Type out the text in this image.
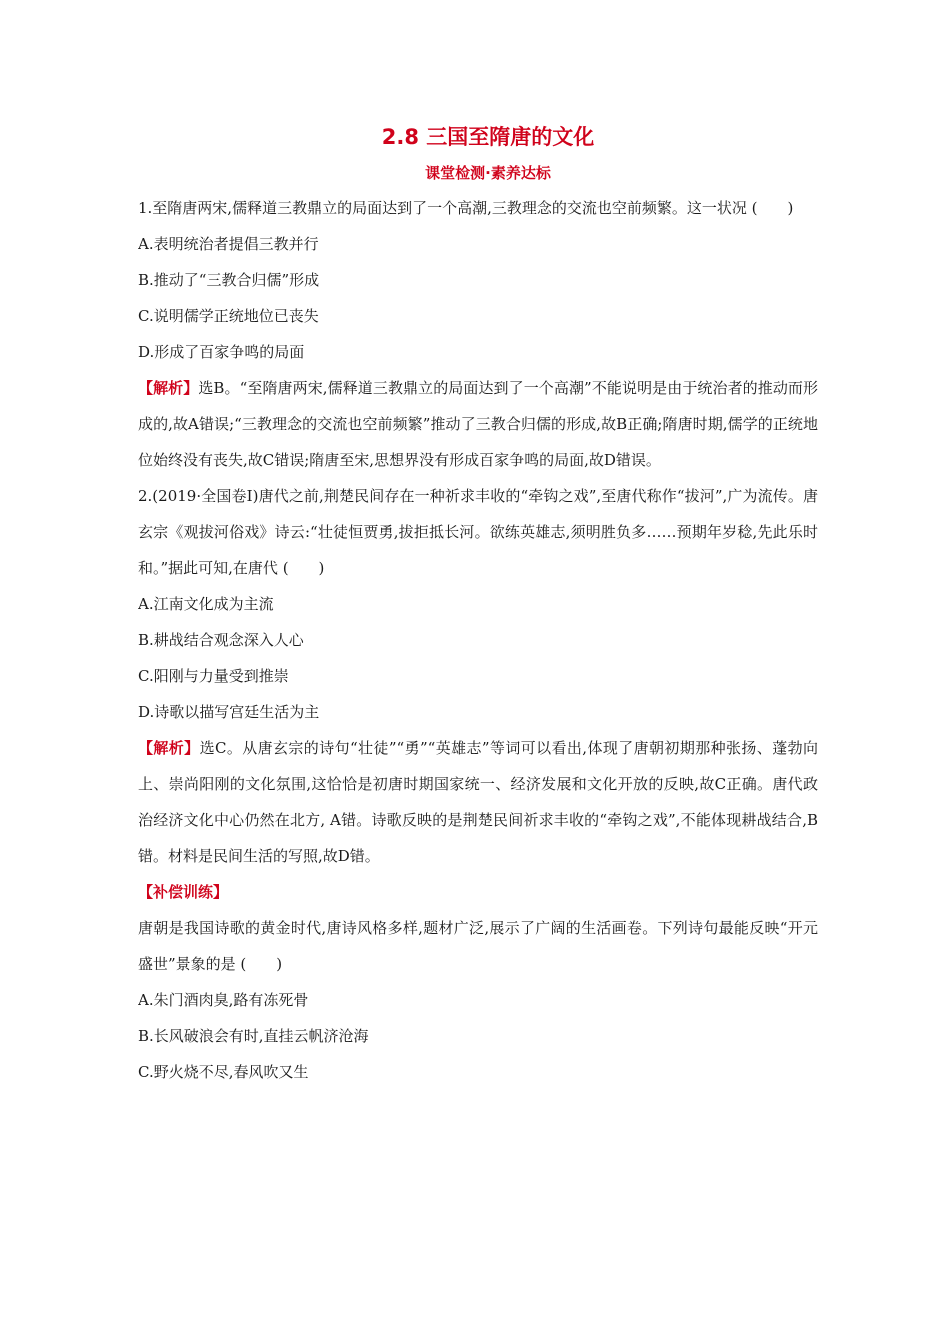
2.8 三国至隋唐的文化
课堂检测·素养达标
1.至隋唐两宋,儒释道三教鼎立的局面达到了一个高潮,三教理念的交流也空前频繁。这一状况 (　　)
A.表明统治者提倡三教并行
B.推动了“三教合归儒”形成
C.说明儒学正统地位已丧失
D.形成了百家争鸣的局面
【解析】选B。“至隋唐两宋,儒释道三教鼎立的局面达到了一个高潮”不能说明是由于统治者的推动而形成的,故A错误;“三教理念的交流也空前频繁”推动了三教合归儒的形成,故B正确;隋唐时期,儒学的正统地位始终没有丧失,故C错误;隋唐至宋,思想界没有形成百家争鸣的局面,故D错误。
2.(2019·全国卷Ⅰ)唐代之前,荆楚民间存在一种祈求丰收的“牵钩之戏”,至唐代称作“拔河”,广为流传。唐玄宗《观拔河俗戏》诗云:“壮徒恒贾勇,拔拒抵长河。欲练英雄志,须明胜负多……预期年岁稔,先此乐时和。”据此可知,在唐代 (　　)
A.江南文化成为主流
B.耕战结合观念深入人心
C.阳刚与力量受到推崇
D.诗歌以描写宫廷生活为主
【解析】选C。从唐玄宗的诗句“壮徒”“勇”“英雄志”等词可以看出,体现了唐朝初期那种张扬、蓬勃向上、崇尚阳刚的文化氛围,这恰恰是初唐时期国家统一、经济发展和文化开放的反映,故C正确。唐代政治经济文化中心仍然在北方, A错。诗歌反映的是荆楚民间祈求丰收的“牵钩之戏”,不能体现耕战结合,B错。材料是民间生活的写照,故D错。
【补偿训练】
唐朝是我国诗歌的黄金时代,唐诗风格多样,题材广泛,展示了广阔的生活画卷。下列诗句最能反映“开元盛世”景象的是 (　　)
A.朱门酒肉臭,路有冻死骨
B.长风破浪会有时,直挂云帆济沧海
C.野火烧不尽,春风吹又生
